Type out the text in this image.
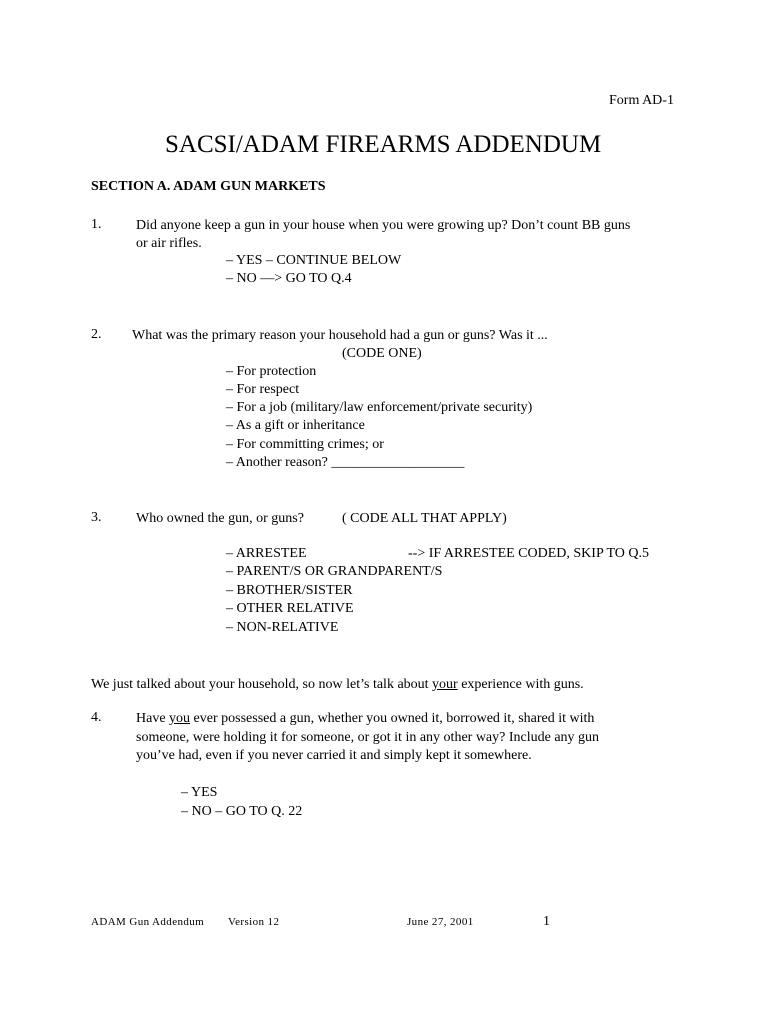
Form AD-1
SACSI/ADAM FIREARMS ADDENDUM
SECTION A. ADAM GUN MARKETS
1. Did anyone keep a gun in your house when you were growing up? Don’t count BB guns
or air rifles.
– YES – CONTINUE BELOW
– NO —> GO TO Q.4
2. What was the primary reason your household had a gun or guns? Was it ...
(CODE ONE)
– For protection
– For respect
– For a job (military/law enforcement/private security)
– As a gift or inheritance
– For committing crimes; or
– Another reason? ___________________
3. Who owned the gun, or guns?	( CODE ALL THAT APPLY)
– ARRESTEE	--> IF ARRESTEE CODED, SKIP TO Q.5
– PARENT/S OR GRANDPARENT/S
– BROTHER/SISTER
– OTHER RELATIVE
– NON-RELATIVE
We just talked about your household, so now let’s talk about your experience with guns.
4. Have you ever possessed a gun, whether you owned it, borrowed it, shared it with
someone, were holding it for someone, or got it in any other way? Include any gun
you’ve had, even if you never carried it and simply kept it somewhere.
– YES
– NO – GO TO Q. 22
ADAM Gun Addendum Version 12	June 27, 2001	1
